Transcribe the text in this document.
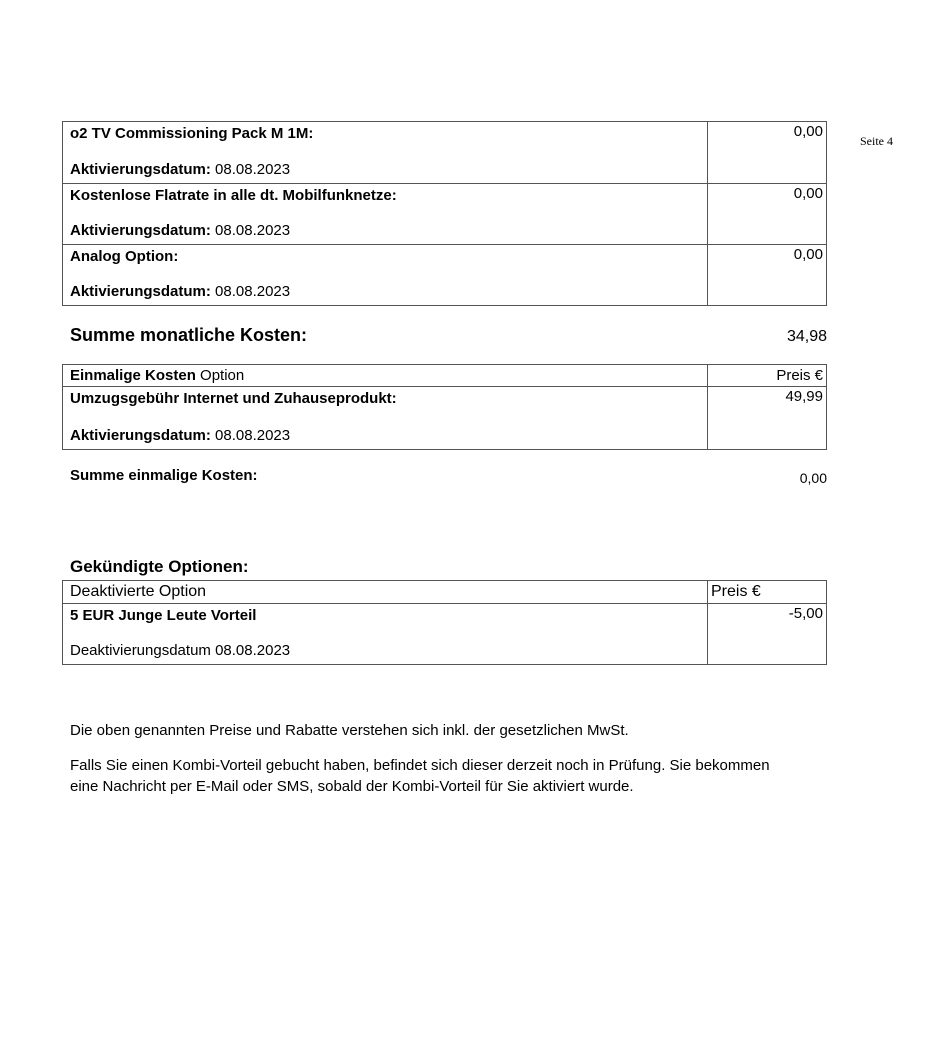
Seite 4
o2 TV Commissioning Pack M 1M:
Aktivierungsdatum: 08.08.2023
0,00
Kostenlose Flatrate in alle dt. Mobilfunknetze:
Aktivierungsdatum: 08.08.2023
0,00
Analog Option:
Aktivierungsdatum: 08.08.2023
0,00
Summe monatliche Kosten:	34,98
Einmalige Kosten Option	Preis €
Umzugsgebühr Internet und Zuhauseprodukt:
Aktivierungsdatum: 08.08.2023
49,99
Summe einmalige Kosten:	0,00
Gekündigte Optionen:
Deaktivierte Option	Preis €
5 EUR Junge Leute Vorteil
Deaktivierungsdatum 08.08.2023
-5,00
Die oben genannten Preise und Rabatte verstehen sich inkl. der gesetzlichen MwSt.
Falls Sie einen Kombi-Vorteil gebucht haben, befindet sich dieser derzeit noch in Prüfung. Sie bekommen
eine Nachricht per E-Mail oder SMS, sobald der Kombi-Vorteil für Sie aktiviert wurde.
